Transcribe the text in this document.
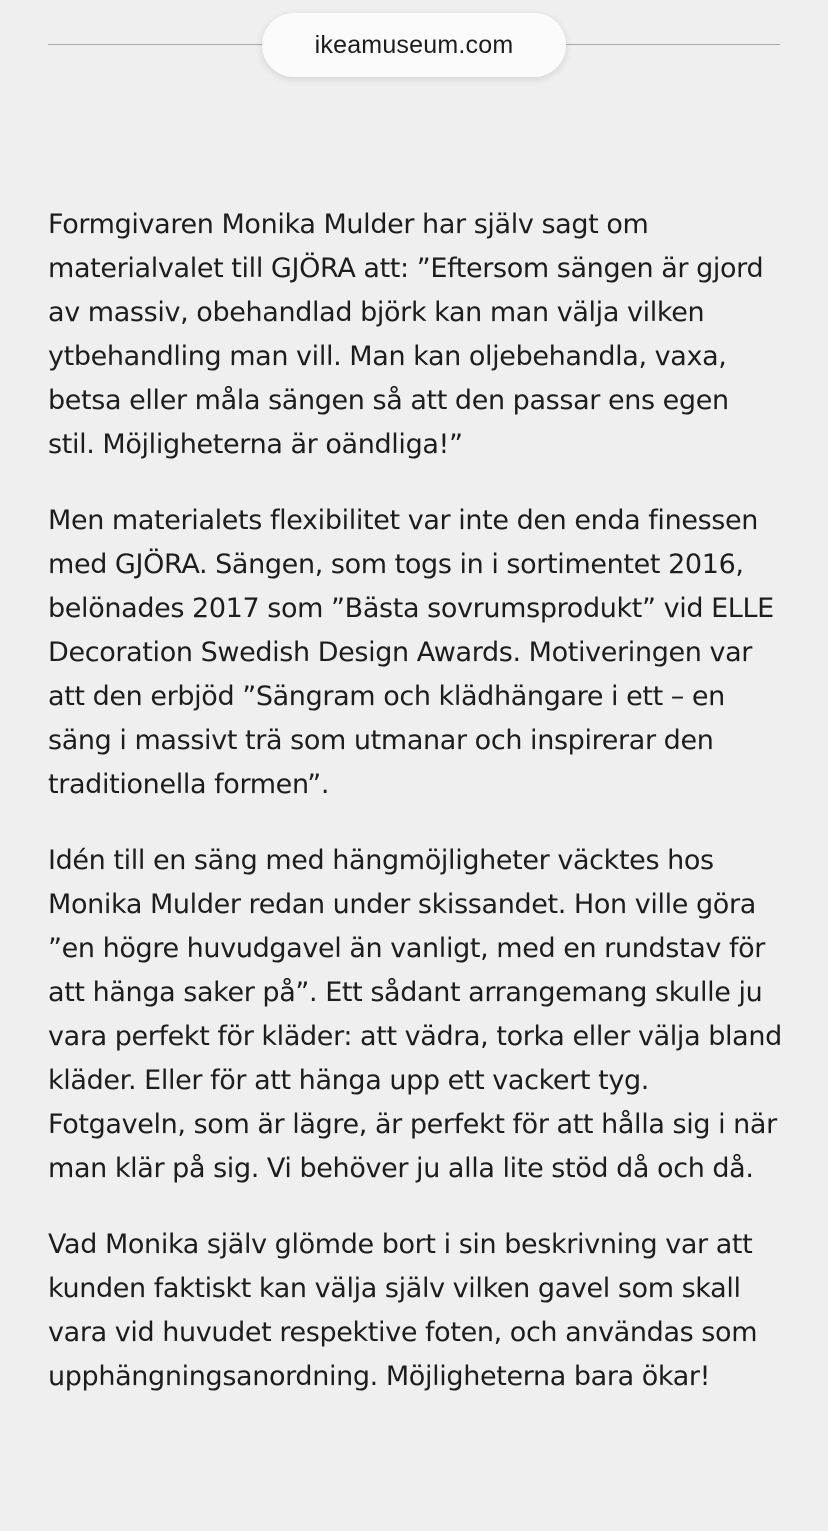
ikeamuseum.com

Formgivaren Monika Mulder har själv sagt om materialvalet till GJÖRA att: ”Eftersom sängen är gjord av massiv, obehandlad björk kan man välja vilken ytbehandling man vill. Man kan oljebehandla, vaxa, betsa eller måla sängen så att den passar ens egen stil. Möjligheterna är oändliga!”

Men materialets flexibilitet var inte den enda finessen med GJÖRA. Sängen, som togs in i sortimentet 2016, belönades 2017 som ”Bästa sovrumsprodukt” vid ELLE Decoration Swedish Design Awards. Motiveringen var att den erbjöd ”Sängram och klädhängare i ett – en säng i massivt trä som utmanar och inspirerar den traditionella formen”.

Idén till en säng med hängmöjligheter väcktes hos Monika Mulder redan under skissandet. Hon ville göra ”en högre huvudgavel än vanligt, med en rundstav för att hänga saker på”. Ett sådant arrangemang skulle ju vara perfekt för kläder: att vädra, torka eller välja bland kläder. Eller för att hänga upp ett vackert tyg. Fotgaveln, som är lägre, är perfekt för att hålla sig i när man klär på sig. Vi behöver ju alla lite stöd då och då.

Vad Monika själv glömde bort i sin beskrivning var att kunden faktiskt kan välja själv vilken gavel som skall vara vid huvudet respektive foten, och användas som upphängningsanordning. Möjligheterna bara ökar!
